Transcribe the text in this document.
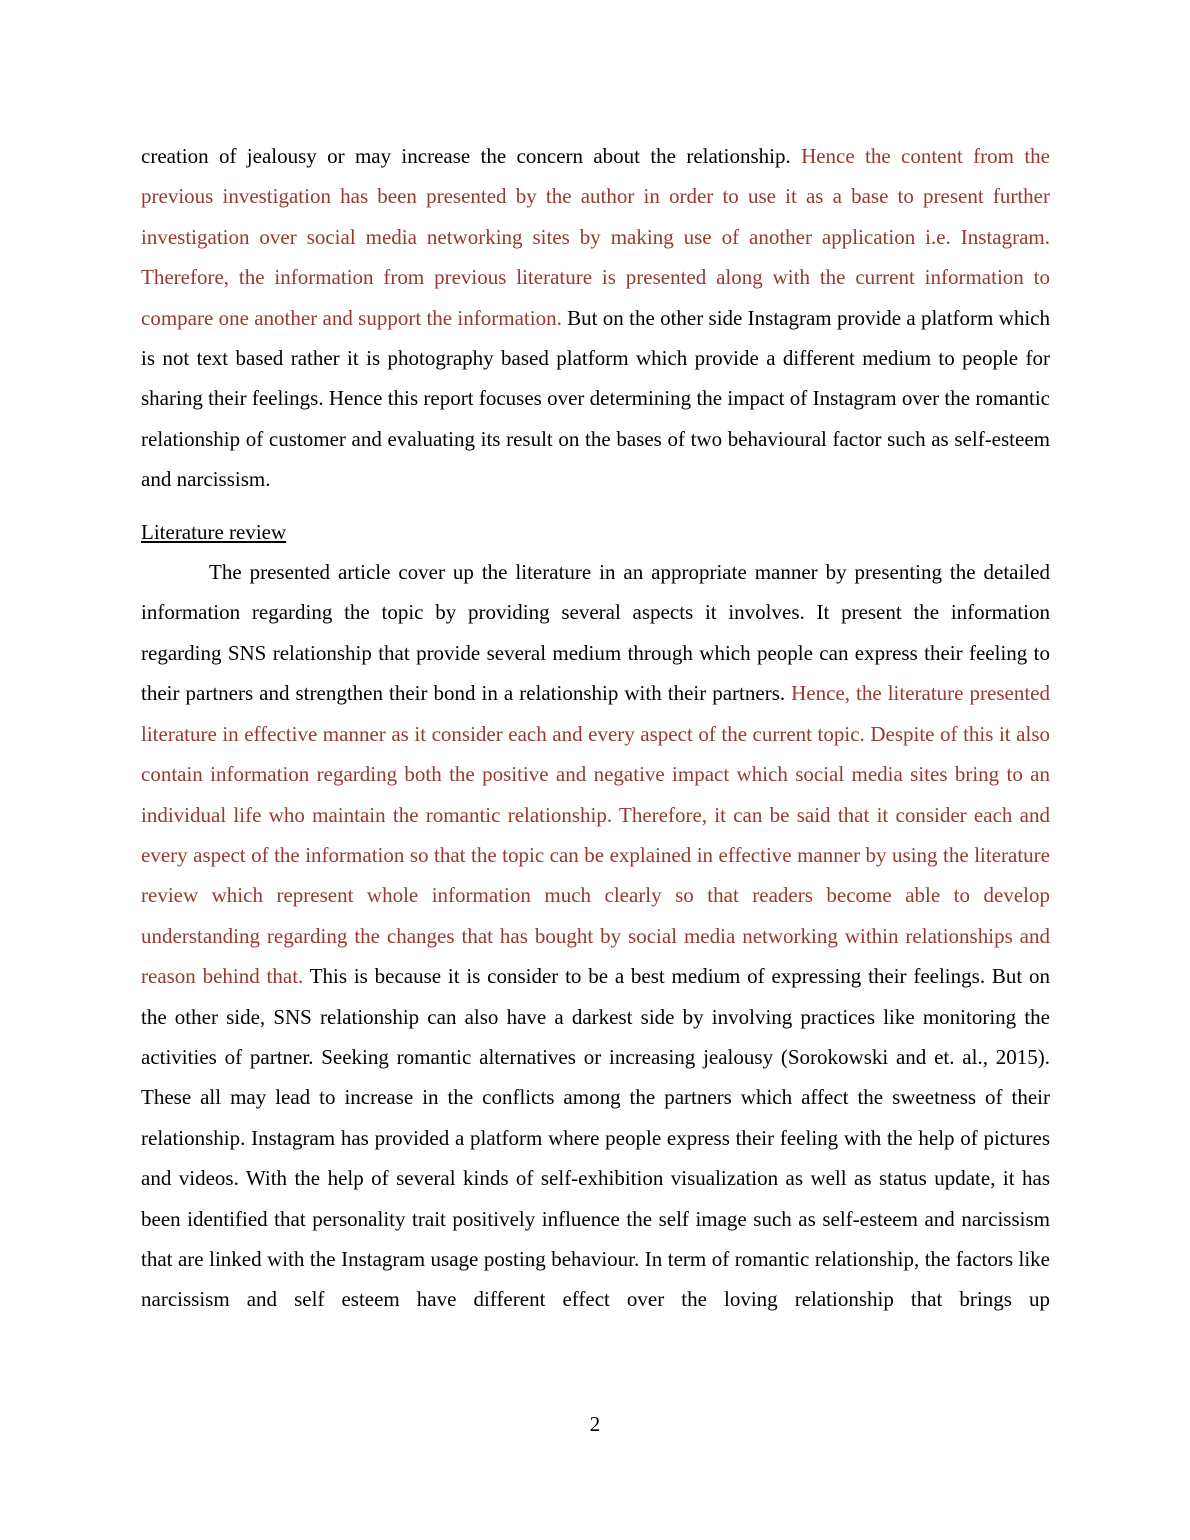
creation of jealousy or may increase the concern about the relationship. Hence the content from the previous investigation has been presented by the author in order to use it as a base to present further investigation over social media networking sites by making use of another application i.e. Instagram. Therefore, the information from previous literature is presented along with the current information to compare one another and support the information. But on the other side Instagram provide a platform which is not text based rather it is photography based platform which provide a different medium to people for sharing their feelings. Hence this report focuses over determining the impact of Instagram over the romantic relationship of customer and evaluating its result on the bases of two behavioural factor such as self-esteem and narcissism.

Literature review

The presented article cover up the literature in an appropriate manner by presenting the detailed information regarding the topic by providing several aspects it involves. It present the information regarding SNS relationship that provide several medium through which people can express their feeling to their partners and strengthen their bond in a relationship with their partners. Hence, the literature presented literature in effective manner as it consider each and every aspect of the current topic. Despite of this it also contain information regarding both the positive and negative impact which social media sites bring to an individual life who maintain the romantic relationship. Therefore, it can be said that it consider each and every aspect of the information so that the topic can be explained in effective manner by using the literature review which represent whole information much clearly so that readers become able to develop understanding regarding the changes that has bought by social media networking within relationships and reason behind that. This is because it is consider to be a best medium of expressing their feelings. But on the other side, SNS relationship can also have a darkest side by involving practices like monitoring the activities of partner. Seeking romantic alternatives or increasing jealousy (Sorokowski and et. al., 2015). These all may lead to increase in the conflicts among the partners which affect the sweetness of their relationship. Instagram has provided a platform where people express their feeling with the help of pictures and videos. With the help of several kinds of self-exhibition visualization as well as status update, it has been identified that personality trait positively influence the self image such as self-esteem and narcissism that are linked with the Instagram usage posting behaviour. In term of romantic relationship, the factors like narcissism and self esteem have different effect over the loving relationship that brings up

2
